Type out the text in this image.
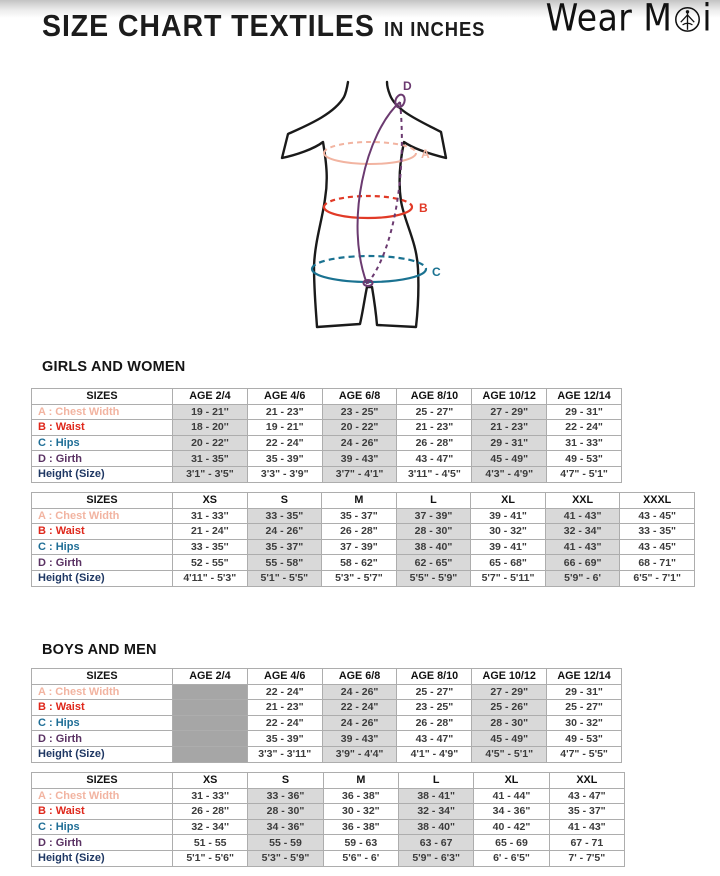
SIZE CHART TEXTILES IN INCHES Wear M i
A
B
C
D
GIRLS AND WOMEN
SIZES	AGE 2/4	AGE 4/6	AGE 6/8	AGE 8/10	AGE 10/12	AGE 12/14
A : Chest Width	19 - 21''	21 - 23"	23 - 25"	25 - 27"	27 - 29"	29 - 31"
B : Waist	18 - 20''	19 - 21"	20 - 22"	21 - 23"	21 - 23"	22 - 24"
C : Hips	20 - 22''	22 - 24"	24 - 26"	26 - 28"	29 - 31"	31 - 33"
D : Girth	31 - 35"	35 - 39"	39 - 43"	43 - 47"	45 - 49"	49 - 53"
Height (Size)	3'1" - 3'5"	3'3" - 3'9"	3'7" - 4'1"	3'11" - 4'5"	4'3" - 4'9"	4'7" - 5'1"
SIZES	XS	S	M	L	XL	XXL	XXXL
A : Chest Width	31 - 33''	33 - 35"	35 - 37"	37 - 39"	39 - 41"	41 - 43"	43 - 45"
B : Waist	21 - 24''	24 - 26"	26 - 28"	28 - 30"	30 - 32"	32 - 34"	33 - 35"
C : Hips	33 - 35''	35 - 37"	37 - 39"	38 - 40"	39 - 41"	41 - 43"	43 - 45"
D : Girth	52 - 55"	55 - 58"	58 - 62"	62 - 65"	65 - 68"	66 - 69"	68 - 71"
Height (Size)	4'11" - 5'3"	5'1" - 5'5"	5'3" - 5'7"	5'5" - 5'9"	5'7" - 5'11"	5'9" - 6'	6'5" - 7'1"
BOYS AND MEN
SIZES	AGE 2/4	AGE 4/6	AGE 6/8	AGE 8/10	AGE 10/12	AGE 12/14
A : Chest Width		22 - 24"	24 - 26"	25 - 27"	27 - 29"	29 - 31"
B : Waist		21 - 23"	22 - 24"	23 - 25"	25 - 26"	25 - 27"
C : Hips		22 - 24"	24 - 26"	26 - 28"	28 - 30"	30 - 32"
D : Girth		35 - 39"	39 - 43"	43 - 47"	45 - 49"	49 - 53"
Height (Size)		3'3" - 3'11"	3'9" - 4'4"	4'1" - 4'9"	4'5" - 5'1"	4'7" - 5'5"
SIZES	XS	S	M	L	XL	XXL
A : Chest Width	31 - 33''	33 - 36"	36 - 38"	38 - 41"	41 - 44"	43 - 47"
B : Waist	26 - 28''	28 - 30"	30 - 32"	32 - 34"	34 - 36"	35 - 37"
C : Hips	32 - 34''	34 - 36"	36 - 38"	38 - 40"	40 - 42"	41 - 43"
D : Girth	51 - 55	55 - 59	59 - 63	63 - 67	65 - 69	67 - 71
Height (Size)	5'1" - 5'6"	5'3" - 5'9"	5'6" - 6'	5'9" - 6'3"	6' - 6'5"	7' - 7'5"
